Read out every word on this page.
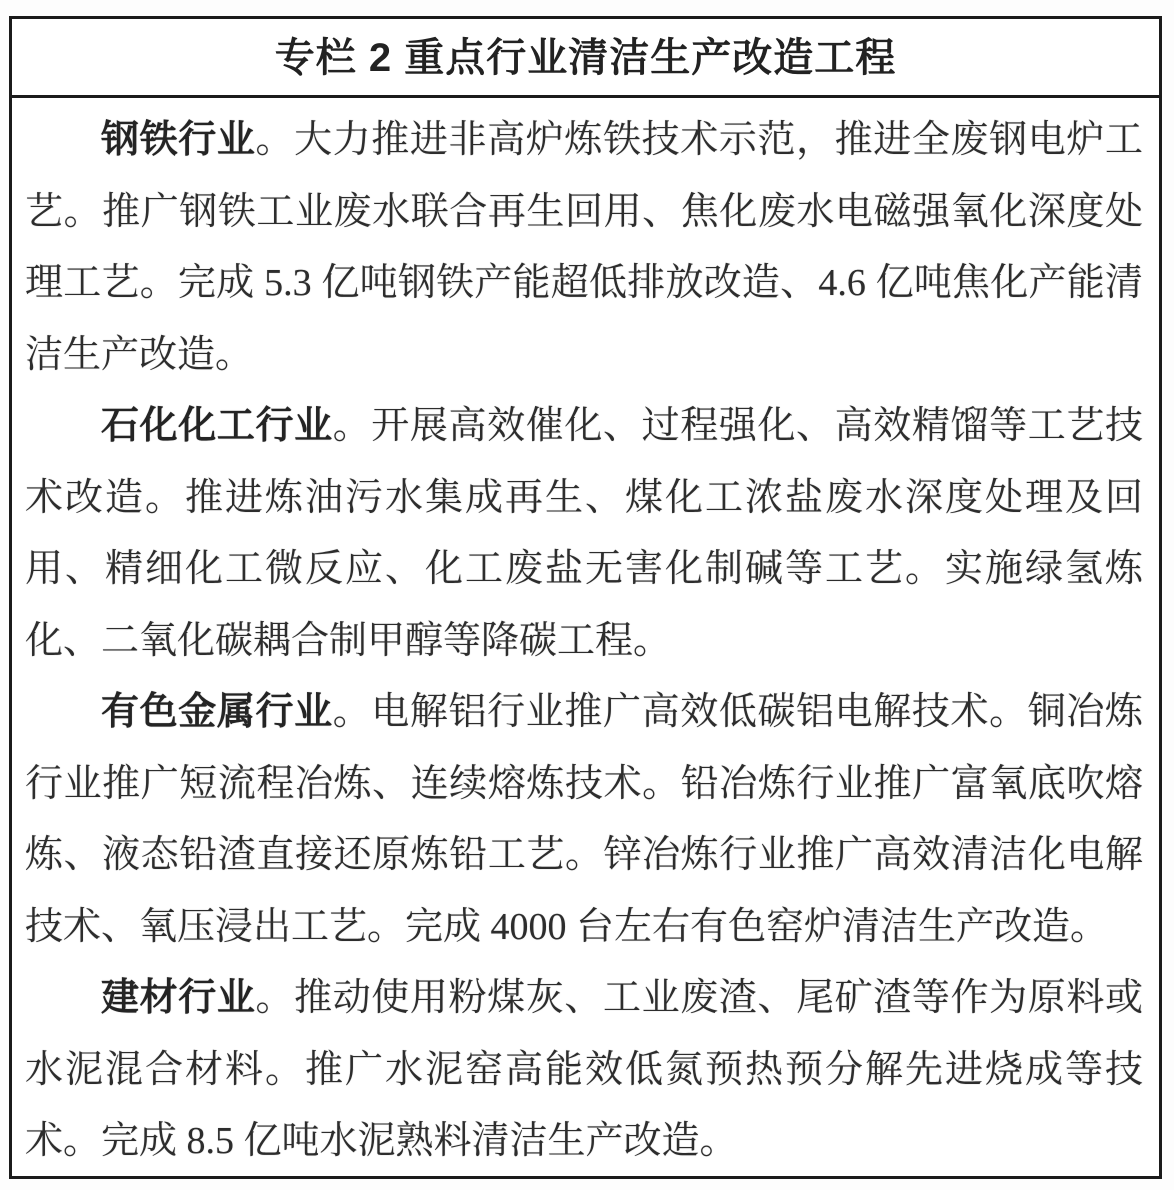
专栏 2 重点行业清洁生产改造工程

钢铁行业。大力推进非高炉炼铁技术示范，推进全废钢电炉工艺。推广钢铁工业废水联合再生回用、焦化废水电磁强氧化深度处理工艺。完成 5.3 亿吨钢铁产能超低排放改造、4.6 亿吨焦化产能清洁生产改造。

石化化工行业。开展高效催化、过程强化、高效精馏等工艺技术改造。推进炼油污水集成再生、煤化工浓盐废水深度处理及回用、精细化工微反应、化工废盐无害化制碱等工艺。实施绿氢炼化、二氧化碳耦合制甲醇等降碳工程。

有色金属行业。电解铝行业推广高效低碳铝电解技术。铜冶炼行业推广短流程冶炼、连续熔炼技术。铅冶炼行业推广富氧底吹熔炼、液态铅渣直接还原炼铅工艺。锌冶炼行业推广高效清洁化电解技术、氧压浸出工艺。完成 4000 台左右有色窑炉清洁生产改造。

建材行业。推动使用粉煤灰、工业废渣、尾矿渣等作为原料或水泥混合材料。推广水泥窑高能效低氮预热预分解先进烧成等技术。完成 8.5 亿吨水泥熟料清洁生产改造。
